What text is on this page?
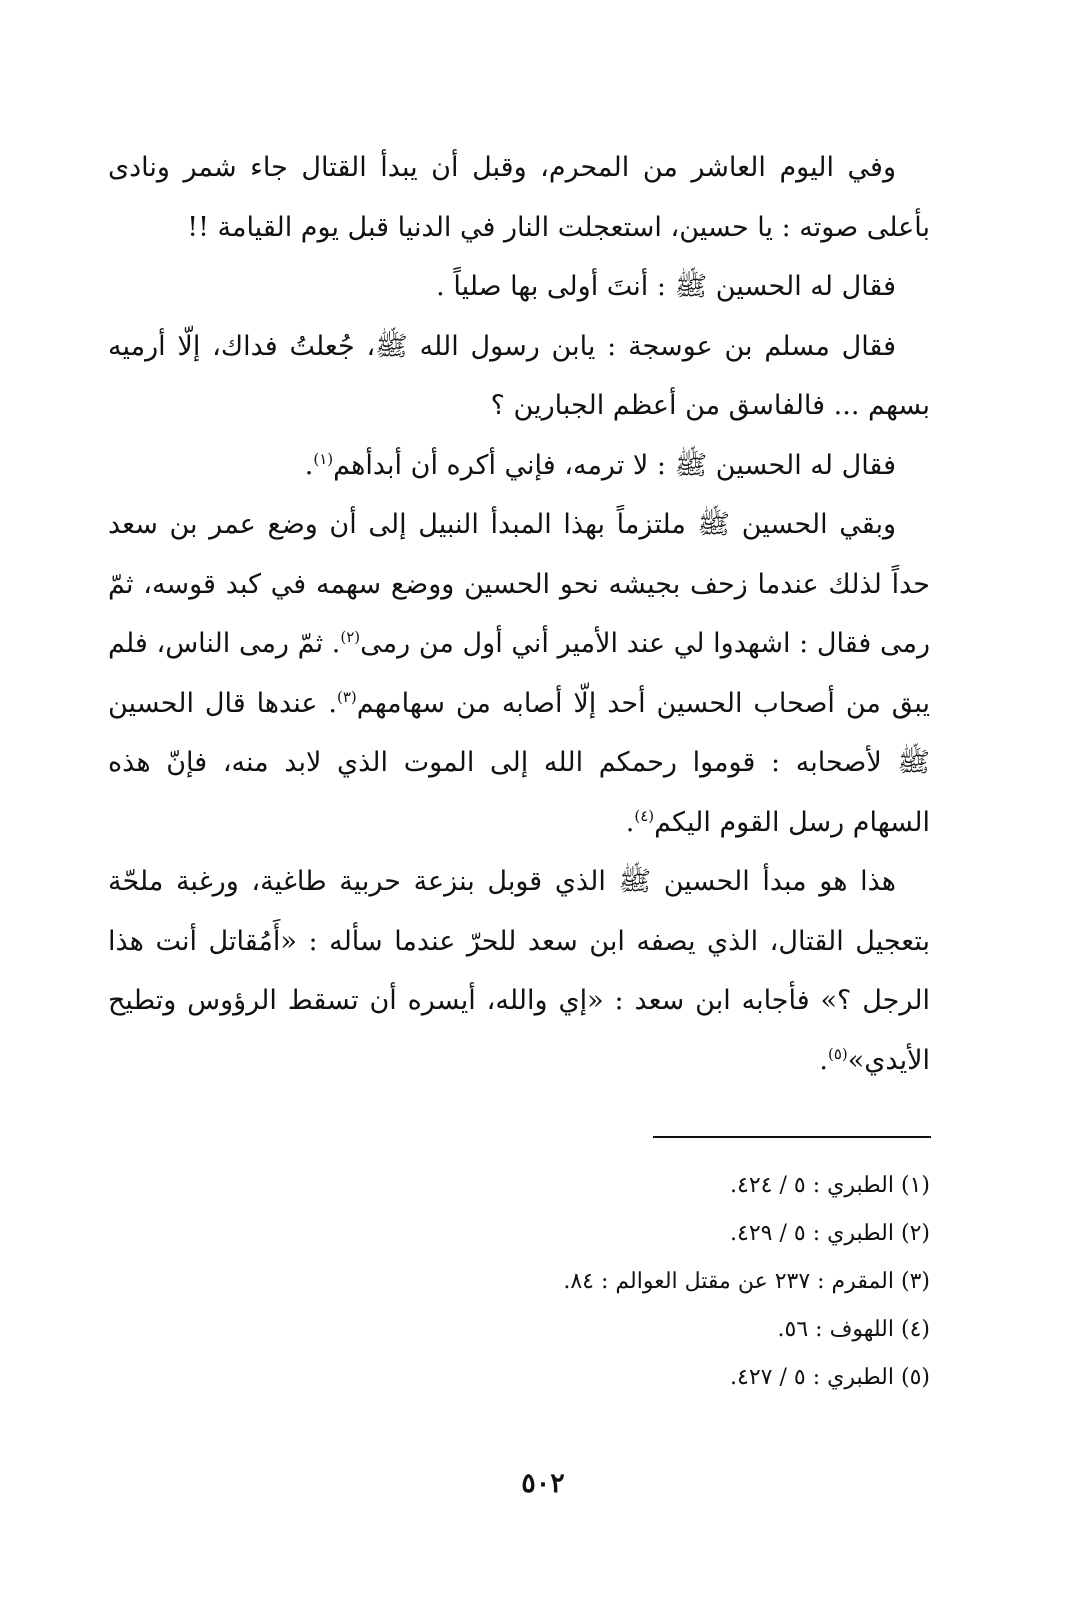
وفي اليوم العاشر من المحرم، وقبل أن يبدأ القتال جاء شمر ونادى بأعلى صوته : يا حسين، استعجلت النار في الدنيا قبل يوم القيامة !!

فقال له الحسين ﷺ : أنتَ أولى بها صلياً .

فقال مسلم بن عوسجة : يابن رسول الله ﷺ، جُعلتُ فداك، إلّا أرميه بسهم ... فالفاسق من أعظم الجبارين ؟

فقال له الحسين ﷺ : لا ترمه، فإني أكره أن أبدأهم$^{(١)}$.

وبقي الحسين ﷺ ملتزماً بهذا المبدأ النبيل إلى أن وضع عمر بن سعد حداً لذلك عندما زحف بجيشه نحو الحسين ووضع سهمه في كبد قوسه، ثمّ رمى فقال : اشهدوا لي عند الأمير أني أول من رمى$^{(٢)}$. ثمّ رمى الناس، فلم يبق من أصحاب الحسين أحد إلّا أصابه من سهامهم$^{(٣)}$. عندها قال الحسين ﷺ لأصحابه : قوموا رحمكم الله إلى الموت الذي لابد منه، فإنّ هذه السهام رسل القوم اليكم$^{(٤)}$.

هذا هو مبدأ الحسين ﷺ الذي قوبل بنزعة حربية طاغية، ورغبة ملحّة بتعجيل القتال، الذي يصفه ابن سعد للحرّ عندما سأله : «أَمُقاتل أنت هذا الرجل ؟» فأجابه ابن سعد : «إي والله، أيسره أن تسقط الرؤوس وتطيح الأيدي»$^{(٥)}$.

(١) الطبري : ٥ / ٤٢٤.

(٢) الطبري : ٥ / ٤٢٩.

(٣) المقرم : ٢٣٧ عن مقتل العوالم : ٨٤.

(٤) اللهوف : ٥٦.

(٥) الطبري : ٥ / ٤٢٧.

٥٠٢
